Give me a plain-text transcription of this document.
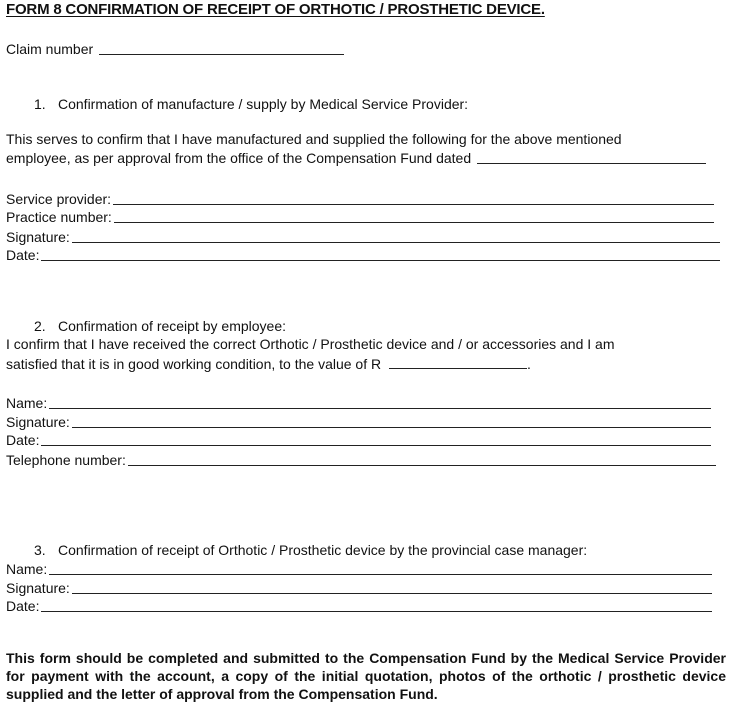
FORM 8 CONFIRMATION OF RECEIPT OF ORTHOTIC / PROSTHETIC DEVICE.
Claim number
1. Confirmation of manufacture / supply by Medical Service Provider:
This serves to confirm that I have manufactured and supplied the following for the above mentioned
employee, as per approval from the office of the Compensation Fund dated
Service provider:
Practice number:
Signature:
Date:
2. Confirmation of receipt by employee:
I confirm that I have received the correct Orthotic / Prosthetic device and / or accessories and I am
satisfied that it is in good working condition, to the value of R	.
Name:
Signature:
Date:
Telephone number:
3. Confirmation of receipt of Orthotic / Prosthetic device by the provincial case manager:
Name:
Signature:
Date:
This form should be completed and submitted to the Compensation Fund by the Medical Service Provider for payment with the account, a copy of the initial quotation, photos of the orthotic / prosthetic device supplied and the letter of approval from the Compensation Fund.
